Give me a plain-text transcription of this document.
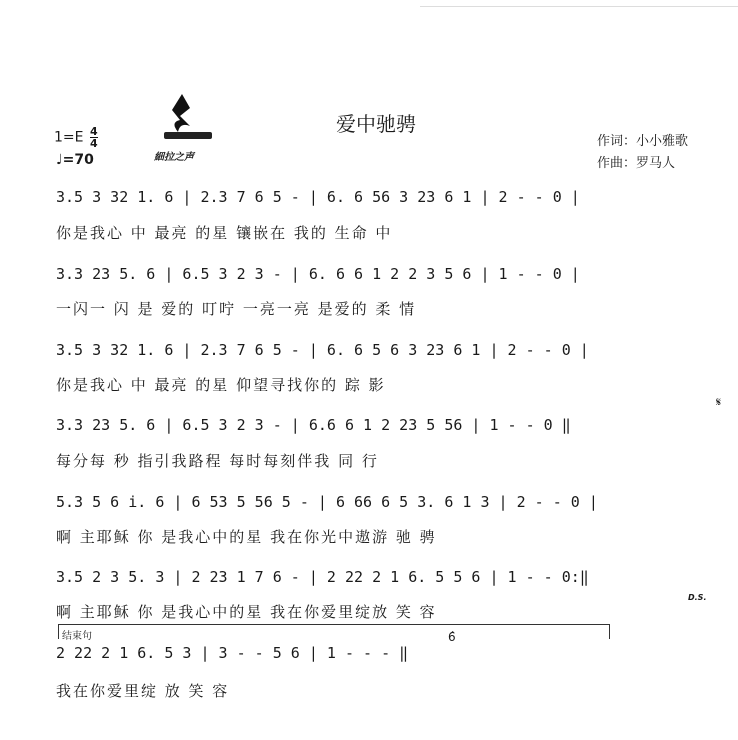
細拉之声
爱中驰骋
$1=E \frac{4}{4}$
♩=70
作词：小小雅歌
作曲：罗马人
3.5 3 32 1. 6 | 2.3 7 6 5 - | 6. 6 56 3 23 6 1 | 2 - - 0 |
你是我心 中 最亮 的星 镶嵌在 我的 生命 中
3.3 23 5. 6 | 6.5 3 2 3 - | 6. 6 6 1 2 2 3 5 6 | 1 - - 0 |
一闪一 闪 是 爱的 叮咛 一亮一亮 是爱的 柔 情
3.5 3 32 1. 6 | 2.3 7 6 5 - | 6. 6 5 6 3 23 6 1 | 2 - - 0 |
你是我心 中 最亮 的星 仰望寻找你的 踪 影
𝄋
3.3 23 5. 6 | 6.5 3 2 3 - | 6.6 6 1 2 23 5 56 | 1 - - 0 ‖
每分每 秒 指引我路程 每时每刻伴我 同 行
5.3 5 6 i. 6 | 6 53 5 56 5 - | 6 66 6 5 3. 6 1 3 | 2 - - 0 |
啊 主耶稣 你 是我心中的星 我在你光中遨游 驰 骋
3.5 2 3 5. 3 | 2 23 1 7 6 - | 2 22 2 1 6. 5 5 6 | 1 - - 0:‖
啊 主耶稣 你 是我心中的星 我在你爱里绽放 笑 容
D.S.
结束句
2 22 2 1 6. 5 3 | 3 - - 5 6 | 1 - - - ‖
6̂
我在你爱里绽 放 笑 容
